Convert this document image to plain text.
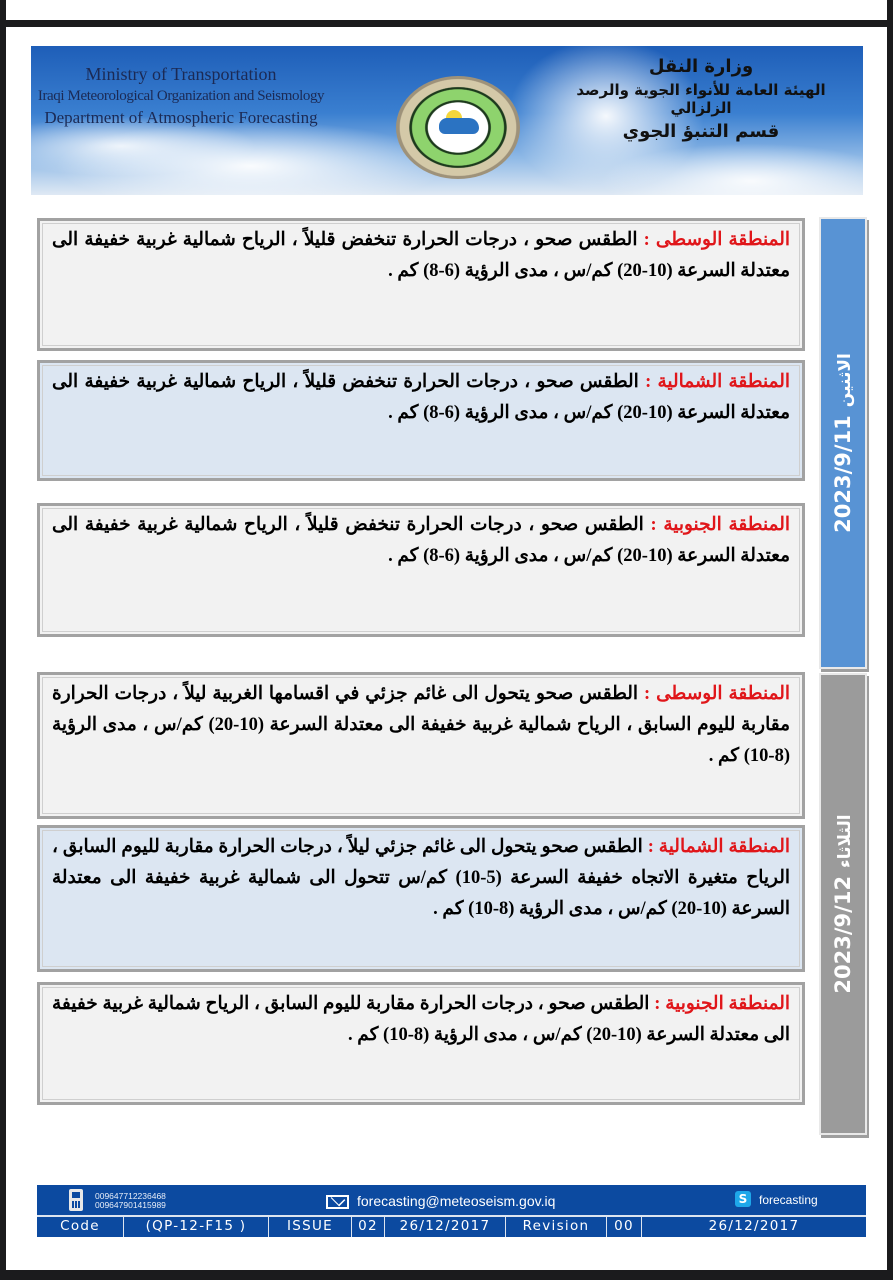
Ministry of Transportation
Iraqi Meteorological Organization and Seismology
Department of Atmospheric Forecasting
وزارة النقل
الهيئة العامة للأنواء الجوية والرصد الزلزالي
قسم التنبؤ الجوي
المنطقة الوسطى : الطقس صحو ، درجات الحرارة تنخفض قليلاً ، الرياح شمالية غربية خفيفة الى معتدلة السرعة (10-20) كم/س ، مدى الرؤية (6-8) كم .
المنطقة الشمالية : الطقس صحو ، درجات الحرارة تنخفض قليلاً ، الرياح شمالية غربية خفيفة الى معتدلة السرعة (10-20) كم/س ، مدى الرؤية (6-8) كم .
المنطقة الجنوبية : الطقس صحو ، درجات الحرارة تنخفض قليلاً ، الرياح شمالية غربية خفيفة الى معتدلة السرعة (10-20) كم/س ، مدى الرؤية (6-8) كم .
2023/9/11الاثنين
المنطقة الوسطى : الطقس صحو يتحول الى غائم جزئي في اقسامها الغربية ليلاً ، درجات الحرارة مقاربة لليوم السابق ، الرياح شمالية غربية خفيفة الى معتدلة السرعة (10-20) كم/س ، مدى الرؤية (8-10) كم .
المنطقة الشمالية : الطقس صحو يتحول الى غائم جزئي ليلاً ، درجات الحرارة مقاربة لليوم السابق ، الرياح متغيرة الاتجاه خفيفة السرعة (5-10) كم/س تتحول الى شمالية غربية خفيفة الى معتدلة السرعة (10-20) كم/س ، مدى الرؤية (8-10) كم .
المنطقة الجنوبية : الطقس صحو ، درجات الحرارة مقاربة لليوم السابق ، الرياح شمالية غربية خفيفة الى معتدلة السرعة (10-20) كم/س ، مدى الرؤية (8-10) كم .
2023/9/12الثلاثاء
009647712236468
009647901415989	forecasting@meteoseism.gov.iq	S forecasting
Code	(QP-12-F15 )	ISSUE	02	26/12/2017	Revision	00	26/12/2017
